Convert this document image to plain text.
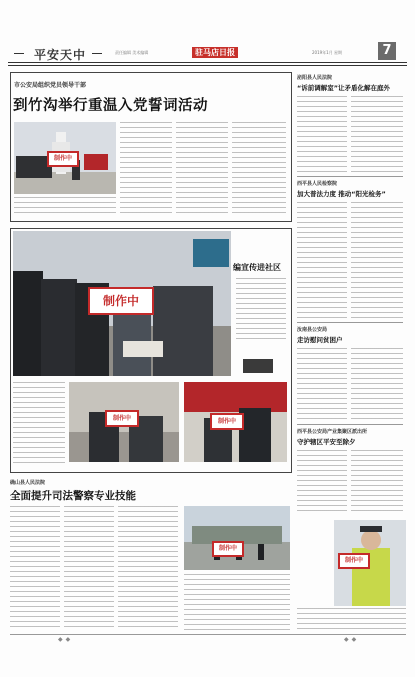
平安天中	责任编辑 美术编辑	驻马店日报	2019年1月 星期	7
市公安局组织党员领导干部
到竹沟举行重温入党誓词活动
制作中
制作中
编宣传进社区
制作中	制作中
泌阳县人民法院
“诉前调解室”让矛盾化解在庭外
西平县人民检察院
加大普法力度 推动“阳光检务”
汝南县公安局
走访慰问贫困户
西平县公安局产业集聚区派出所
守护辖区平安至除夕
制作中
确山县人民法院
全面提升司法警察专业技能
制作中
◆◆	◆◆
